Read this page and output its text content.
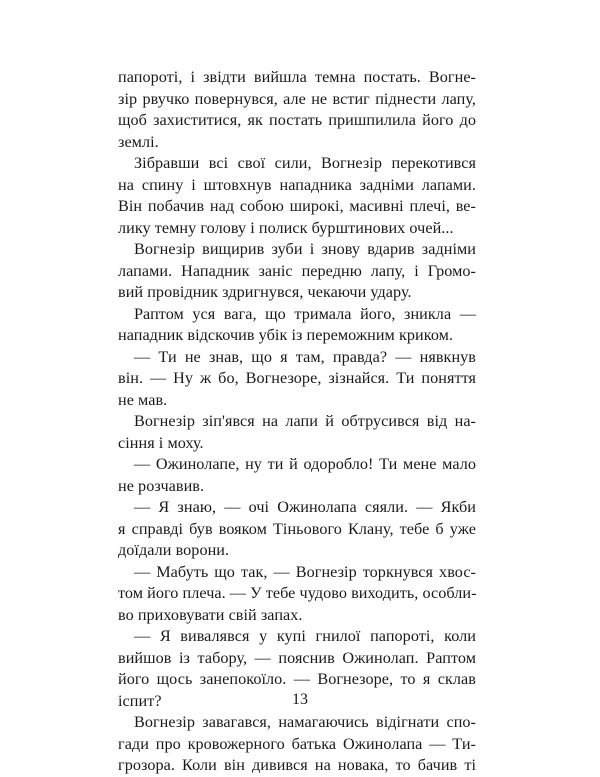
папороті, і звідти вийшла темна постать. Вогне-
зір рвучко повернувся, але не встиг піднести лапу,
щоб захиститися, як постать пришпилила його до
землі.
Зібравши всі свої сили, Вогнезір перекотився
на спину і штовхнув нападника задніми лапами.
Він побачив над собою широкі, масивні плечі, ве-
лику темну голову і полиск бурштинових очей...
Вогнезір вищирив зуби і знову вдарив задніми
лапами. Нападник заніс передню лапу, і Громо-
вий провідник здригнувся, чекаючи удару.
Раптом уся вага, що тримала його, зникла —
нападник відскочив убік із переможним криком.
— Ти не знав, що я там, правда? — нявкнув
він. — Ну ж бо, Вогнезоре, зізнайся. Ти поняття
не мав.
Вогнезір зіп'явся на лапи й обтрусився від на-
сіння і моху.
— Ожинолапе, ну ти й одоробло! Ти мене мало
не розчавив.
— Я знаю, — очі Ожинолапа сяяли. — Якби
я справді був вояком Тіньового Клану, тебе б уже
доїдали ворони.
— Мабуть що так, — Вогнезір торкнувся хвос-
том його плеча. — У тебе чудово виходить, особли-
во приховувати свій запах.
— Я вивалявся у купі гнилої папороті, коли
вийшов із табору, — пояснив Ожинолап. Раптом
його щось занепокоїло. — Вогнезоре, то я склав
іспит?
Вогнезір завагався, намагаючись відігнати спо-
гади про кровожерного батька Ожинолапа — Ти-
грозора. Коли він дивився на новака, то бачив ті
13
